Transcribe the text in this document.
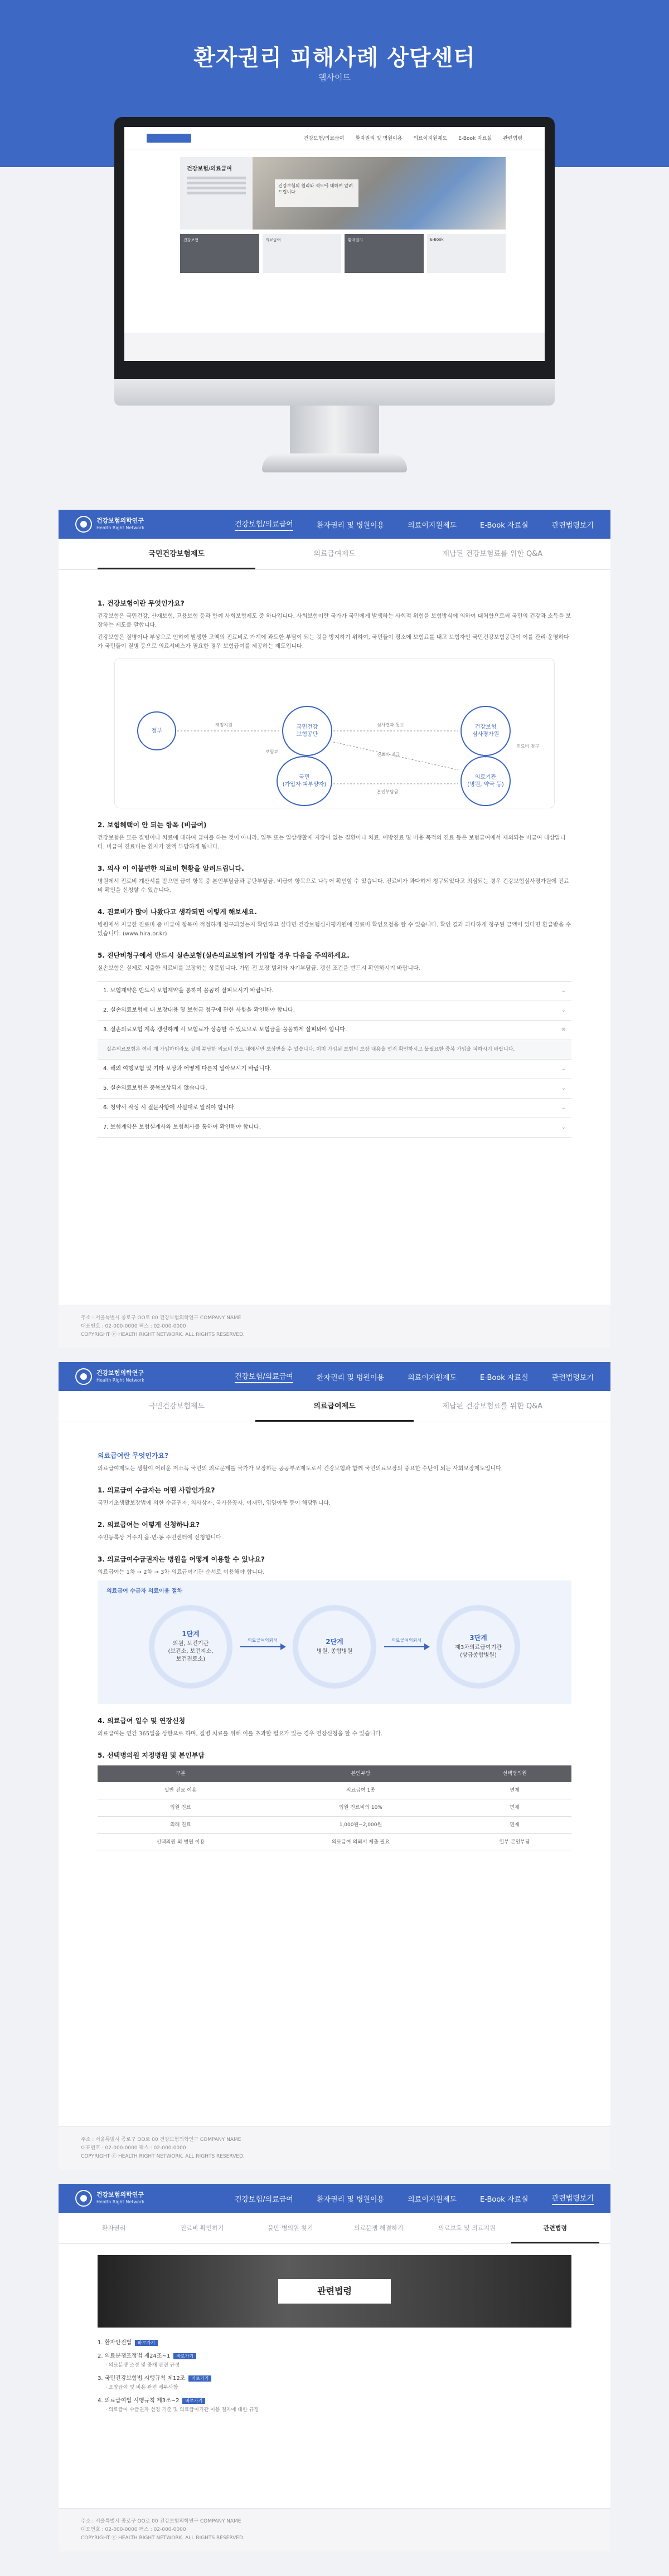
환자권리 피해사례 상담센터
웹사이트
건강보험/의료급여 환자권리 및 병원이용 의료이지원제도 E-Book 자료실 관련법령
건강보험/의료급여
건강보험의 원리와 제도에 대하여 알려드립니다
건강보험	의료급여	환자권리	E-Book
건강보험의학연구
Health Right Network	건강보험/의료급여	환자권리 및 병원이용	의료이지원제도	E-Book 자료실	관련법령보기
국민건강보험제도	의료급여제도	제납된 건강보험료를 위한 Q&A
1. 건강보험이란 무엇인가요?

건강보험은 국민건강, 산재보험, 고용보험 등과 함께 사회보험제도 중 하나입니다. 사회보험이란 국가가 국민에게 발생하는 사회적 위험을 보험방식에 의하여 대처함으로써 국민의 건강과 소득을 보장하는 제도를 말합니다.

건강보험은 질병이나 부상으로 인하여 발생한 고액의 진료비로 가계에 과도한 부담이 되는 것을 방지하기 위하여, 국민들이 평소에 보험료를 내고 보험자인 국민건강보험공단이 이를 관리·운영하다가 국민들이 질병 등으로 의료서비스가 필요한 경우 보험급여를 제공하는 제도입니다.

정부
국민건강
보험공단
건강보험
심사평가원
국민
(가입자·피부양자)
의료기관
(병원, 약국 등)
재정지원	심사결과 통보
보험료
진료비 지급
진료비 청구
본인부담금
2. 보험혜택이 안 되는 항목 (비급여)

건강보험은 모든 질병이나 치료에 대하여 급여를 하는 것이 아니라, 업무 또는 일상생활에 지장이 없는 질환이나 치료, 예방진료 및 미용 목적의 진료 등은 보험급여에서 제외되는 비급여 대상입니다. 비급여 진료비는 환자가 전액 부담하게 됩니다.

3. 의사 이 이불편한 의료비 현황을 알려드립니다.

병원에서 진료비 계산서를 받으면 급여 항목 중 본인부담금과 공단부담금, 비급여 항목으로 나누어 확인할 수 있습니다. 진료비가 과다하게 청구되었다고 의심되는 경우 건강보험심사평가원에 진료비 확인을 신청할 수 있습니다.

4. 진료비가 많이 나왔다고 생각되면 이렇게 해보세요.

병원에서 지급한 진료비 중 비급여 항목이 적정하게 청구되었는지 확인하고 싶다면 건강보험심사평가원에 진료비 확인요청을 할 수 있습니다. 확인 결과 과다하게 청구된 금액이 있다면 환급받을 수 있습니다. (www.hira.or.kr)

5. 진단비청구에서 반드시 실손보험(실손의료보험)에 가입할 경우 다음을 주의하세요.

실손보험은 실제로 지출한 의료비를 보장하는 상품입니다. 가입 전 보장 범위와 자기부담금, 갱신 조건을 반드시 확인하시기 바랍니다.

1. 보험계약은 반드시 보험계약을 통하여 꼼꼼히 살펴보시기 바랍니다.	⌄
2. 실손의료보험에 대 보장내용 및 보험금 청구에 관한 사항을 확인해야 합니다.	⌄
3. 실손의료보험 계속 갱신하게 시 보험료가 상승할 수 있으므로 보험금을 꼼꼼하게 살펴봐야 합니다.	✕
실손의료보험은 여러 개 가입하더라도 실제 부담한 의료비 한도 내에서만 보상받을 수 있습니다. 이미 가입된 보험의 보장 내용을 먼저 확인하시고 불필요한 중복 가입을 피하시기 바랍니다.
4. 해외 여행보험 및 기타 보상과 어떻게 다른지 알아보시기 바랍니다.	⌄
5. 실손의료보험은 중복보상되지 않습니다.	⌄
6. 청약서 작성 시 질문사항에 사실대로 알려야 합니다.	⌄
7. 보험계약은 보험설계사와 보험회사를 통하여 확인해야 합니다.	⌄
주소 : 서울특별시 종로구 OO로 00 건강보험의학연구 COMPANY NAME
대표번호 : 02-000-0000 팩스 : 02-000-0000
COPYRIGHT ⓒ HEALTH RIGHT NETWORK. ALL RIGHTS RESERVED.
건강보험의학연구
Health Right Network	건강보험/의료급여	환자권리 및 병원이용	의료이지원제도	E-Book 자료실	관련법령보기
국민건강보험제도	의료급여제도	제납된 건강보험료를 위한 Q&A
의료급여란 무엇인가요?

의료급여제도는 생활이 어려운 저소득 국민의 의료문제를 국가가 보장하는 공공부조제도로서 건강보험과 함께 국민의료보장의 중요한 수단이 되는 사회보장제도입니다.

1. 의료급여 수급자는 어떤 사람인가요?

국민기초생활보장법에 의한 수급권자, 의사상자, 국가유공자, 이재민, 입양아동 등이 해당됩니다.

2. 의료급여는 어떻게 신청하나요?

주민등록상 거주지 읍·면·동 주민센터에 신청합니다.

3. 의료급여수급권자는 병원을 어떻게 이용할 수 있나요?

의료급여는 1차 → 2차 → 3차 의료급여기관 순서로 이용해야 합니다.

의료급여 수급자 의료이용 절차
1단계
의원, 보건기관
(보건소, 보건지소,
보건진료소)
의료급여의뢰서	2단계
병원, 종합병원
의료급여의뢰서	3단계
제3차의료급여기관
(상급종합병원)
4. 의료급여 일수 및 연장신청

의료급여는 연간 365일을 상한으로 하며, 질병 치료를 위해 이를 초과할 필요가 있는 경우 연장신청을 할 수 있습니다.

5. 선택병의원 지정병원 및 본인부담
구분	본인부담	선택병의원
일반 진료 이용	의료급여 1종	면제
입원 진료	입원 진료비의 10%	면제
외래 진료	1,000원~2,000원	면제
선택의원 외 병원 이용	의료급여 의뢰서 제출 필요	일부 본인부담
주소 : 서울특별시 종로구 OO로 00 건강보험의학연구 COMPANY NAME
대표번호 : 02-000-0000 팩스 : 02-000-0000
COPYRIGHT ⓒ HEALTH RIGHT NETWORK. ALL RIGHTS RESERVED.
건강보험의학연구
Health Right Network	건강보험/의료급여	환자권리 및 병원이용	의료이지원제도	E-Book 자료실	관련법령보기
환자권리	진료비 확인하기	불만 병의원 찾기	의료분쟁 해결하기	의료보호 및 의료지원	관련법령
관련법령
1. 환자안전법 바로가기
2. 의료분쟁조정법 제24조~1 바로가기
· 의료분쟁 조정 및 중재 관련 규정
3. 국민건강보험법 시행규칙 제12조 바로가기
· 요양급여 및 비용 관련 세부사항
4. 의료급여법 시행규칙 제3조~2 바로가기
· 의료급여 수급권자 선정 기준 및 의료급여기관 이용 절차에 대한 규정
주소 : 서울특별시 종로구 OO로 00 건강보험의학연구 COMPANY NAME
대표번호 : 02-000-0000 팩스 : 02-000-0000
COPYRIGHT ⓒ HEALTH RIGHT NETWORK. ALL RIGHTS RESERVED.
